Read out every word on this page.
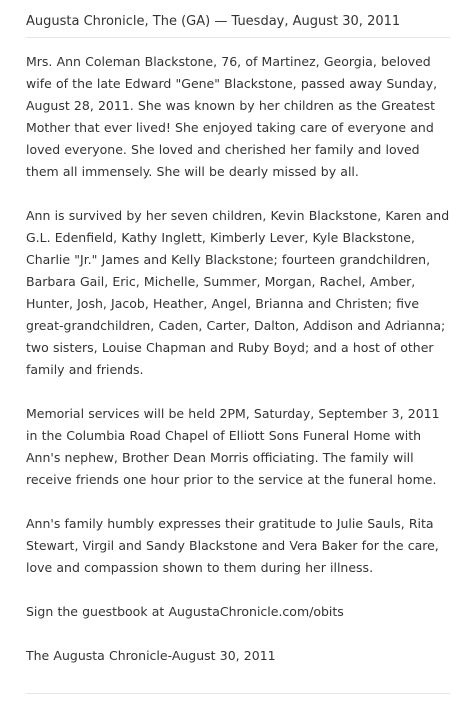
Augusta Chronicle, The (GA) — Tuesday, August 30, 2011

Mrs. Ann Coleman Blackstone, 76, of Martinez, Georgia, beloved wife of the late Edward "Gene" Blackstone, passed away Sunday, August 28, 2011. She was known by her children as the Greatest Mother that ever lived! She enjoyed taking care of everyone and loved everyone. She loved and cherished her family and loved them all immensely. She will be dearly missed by all.

Ann is survived by her seven children, Kevin Blackstone, Karen and G.L. Edenfield, Kathy Inglett, Kimberly Lever, Kyle Blackstone, Charlie "Jr." James and Kelly Blackstone; fourteen grandchildren, Barbara Gail, Eric, Michelle, Summer, Morgan, Rachel, Amber, Hunter, Josh, Jacob, Heather, Angel, Brianna and Christen; five great-grandchildren, Caden, Carter, Dalton, Addison and Adrianna; two sisters, Louise Chapman and Ruby Boyd; and a host of other family and friends.

Memorial services will be held 2PM, Saturday, September 3, 2011 in the Columbia Road Chapel of Elliott Sons Funeral Home with Ann's nephew, Brother Dean Morris officiating. The family will receive friends one hour prior to the service at the funeral home.

Ann's family humbly expresses their gratitude to Julie Sauls, Rita Stewart, Virgil and Sandy Blackstone and Vera Baker for the care, love and compassion shown to them during her illness.

Sign the guestbook at AugustaChronicle.com/obits

The Augusta Chronicle-August 30, 2011
